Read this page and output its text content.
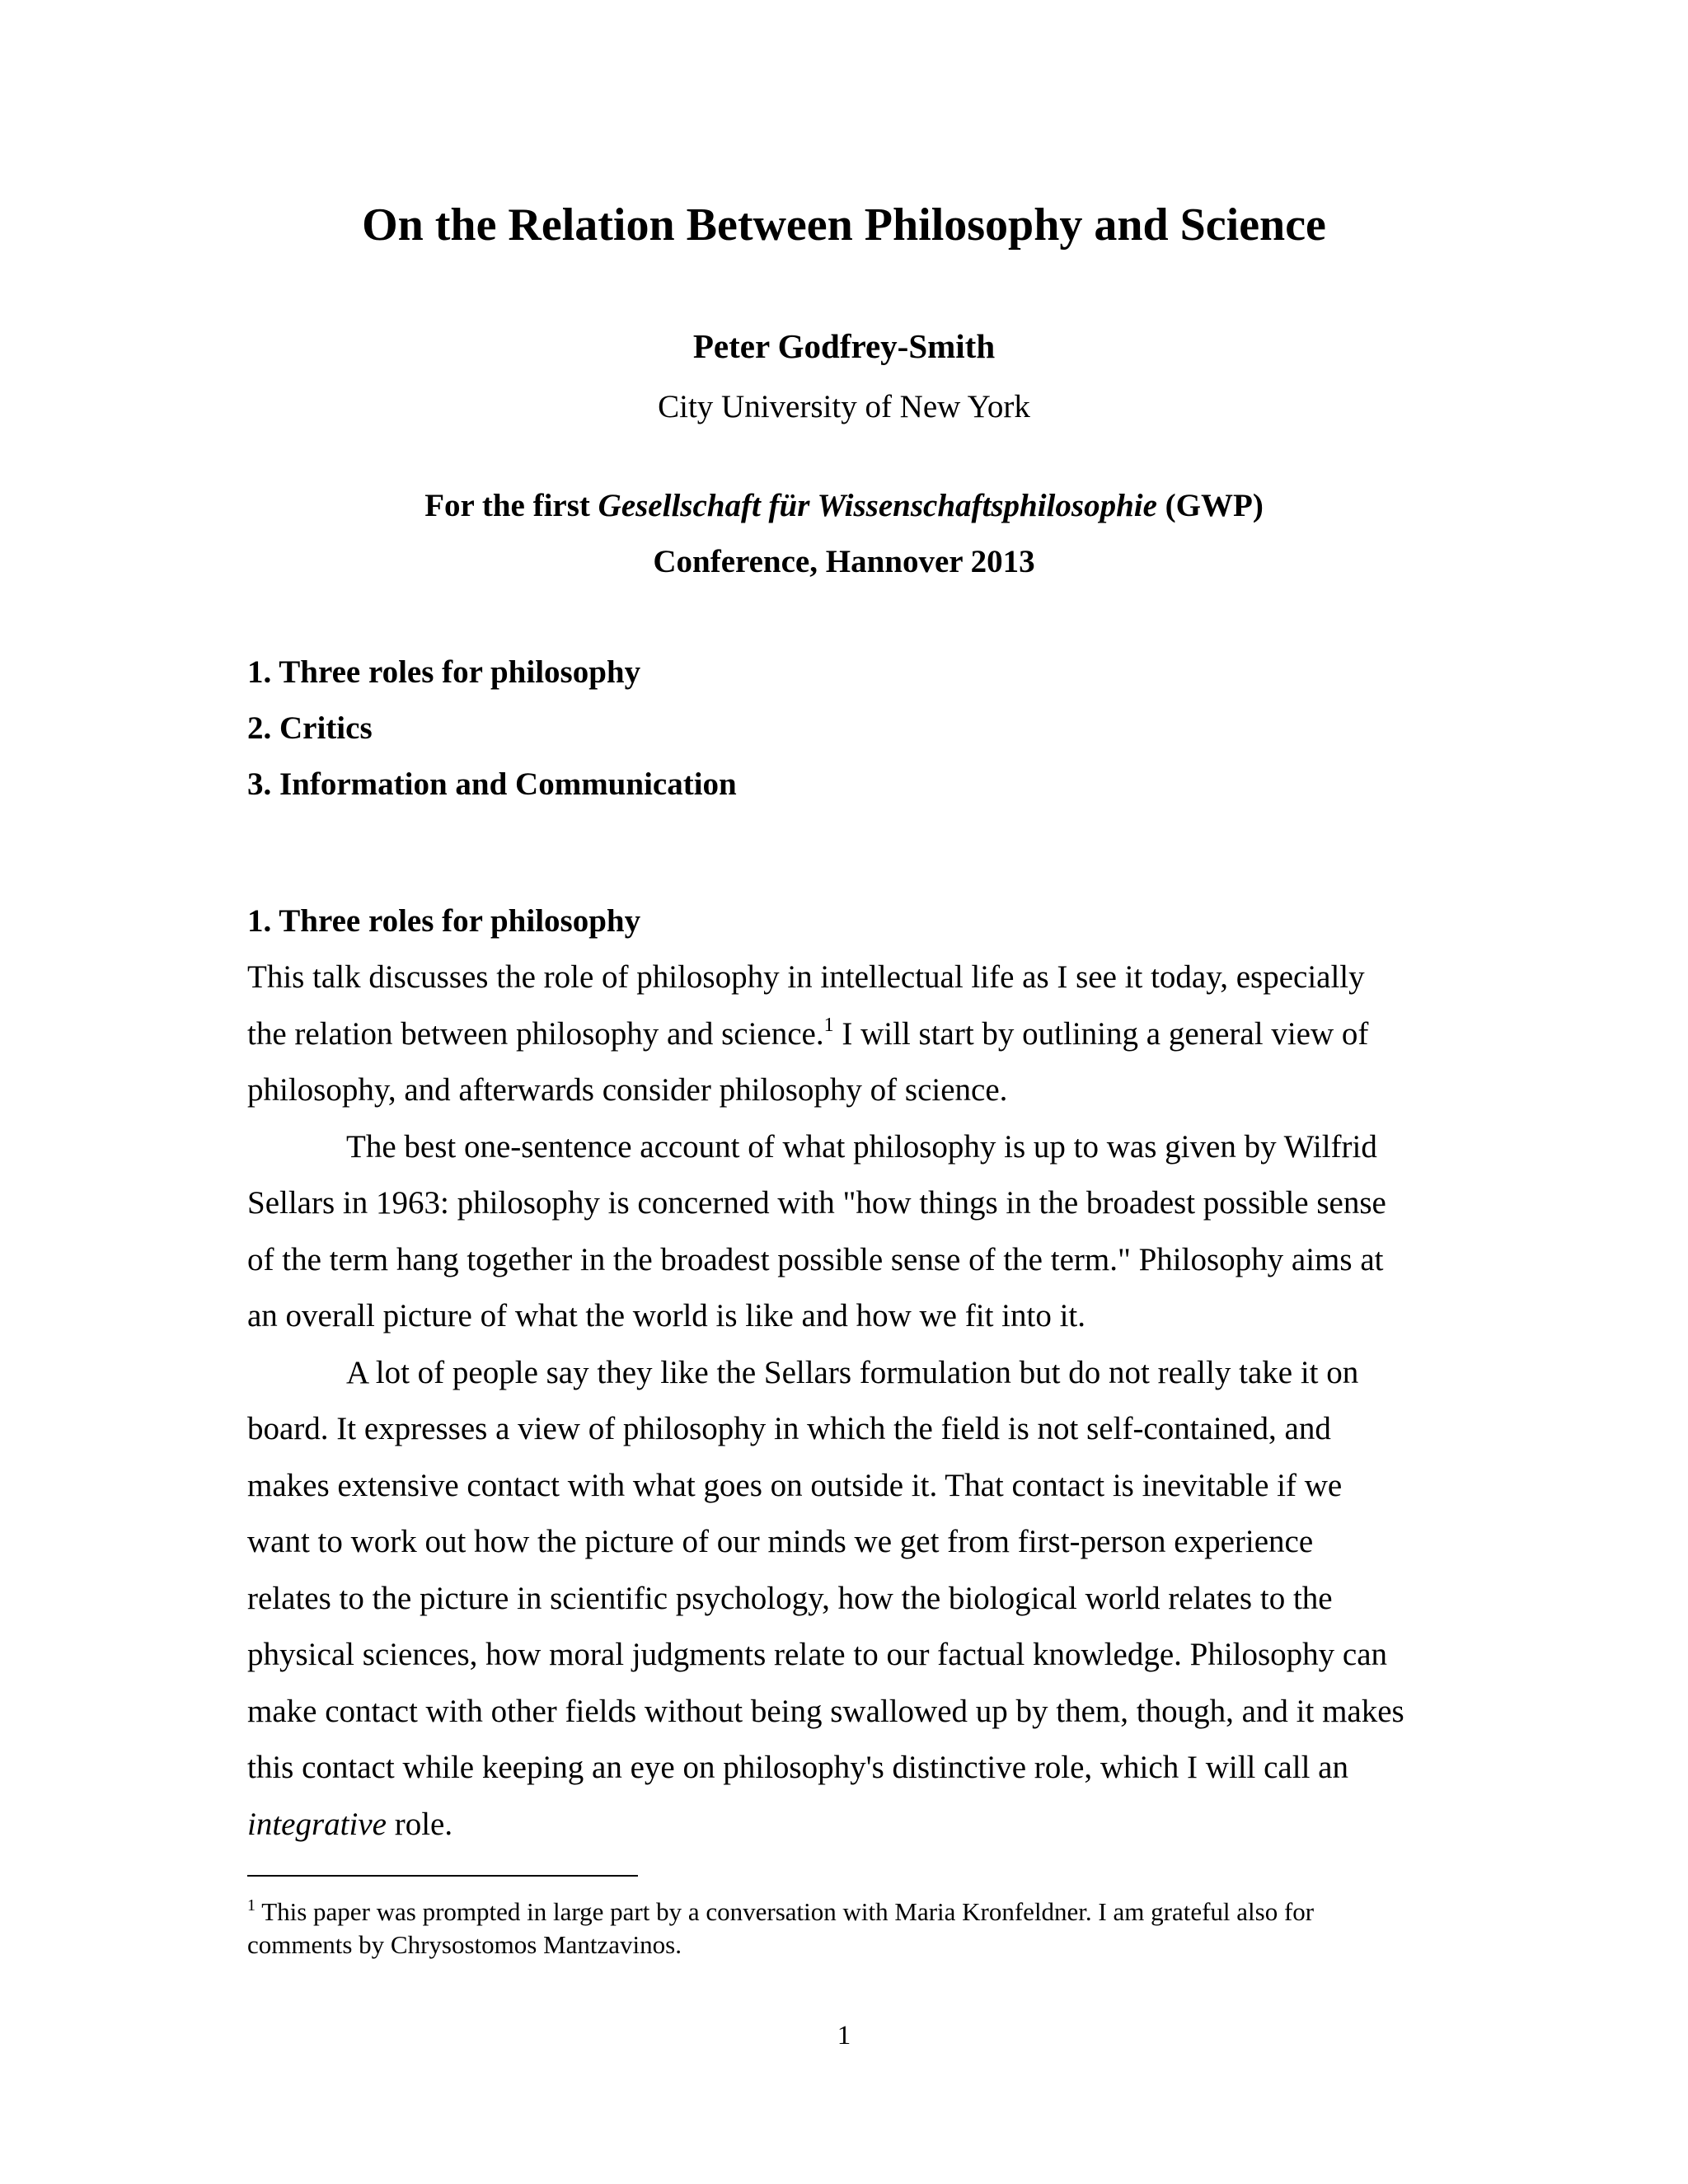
On the Relation Between Philosophy and Science

Peter Godfrey-Smith

City University of New York

For the first Gesellschaft für Wissenschaftsphilosophie (GWP)
Conference, Hannover 2013

1. Three roles for philosophy
2. Critics
3. Information and Communication
1. Three roles for philosophy

This talk discusses the role of philosophy in intellectual life as I see it today, especially
the relation between philosophy and science.$^1$ I will start by outlining a general view of
philosophy, and afterwards consider philosophy of science.

The best one-sentence account of what philosophy is up to was given by Wilfrid
Sellars in 1963: philosophy is concerned with "how things in the broadest possible sense
of the term hang together in the broadest possible sense of the term." Philosophy aims at
an overall picture of what the world is like and how we fit into it.

A lot of people say they like the Sellars formulation but do not really take it on
board. It expresses a view of philosophy in which the field is not self-contained, and
makes extensive contact with what goes on outside it. That contact is inevitable if we
want to work out how the picture of our minds we get from first-person experience
relates to the picture in scientific psychology, how the biological world relates to the
physical sciences, how moral judgments relate to our factual knowledge. Philosophy can
make contact with other fields without being swallowed up by them, though, and it makes
this contact while keeping an eye on philosophy's distinctive role, which I will call an
integrative role.

$^1$ This paper was prompted in large part by a conversation with Maria Kronfeldner. I am grateful also for
comments by Chrysostomos Mantzavinos.

1
